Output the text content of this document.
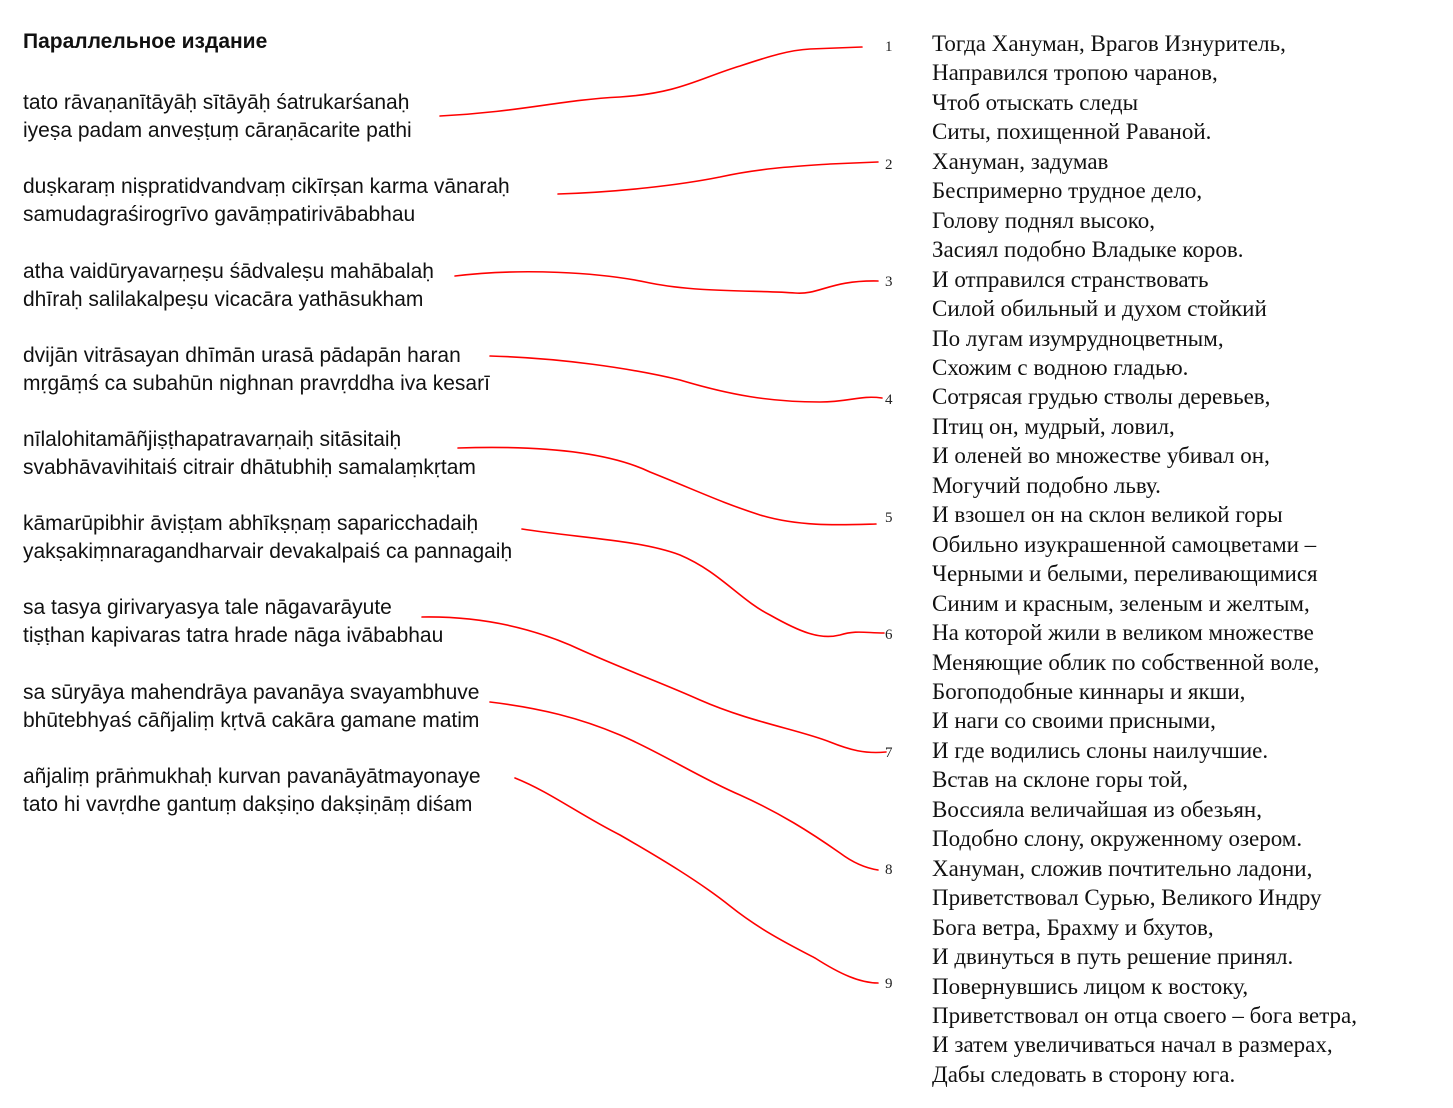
Параллельное издание
tato rāvaṇanītāyāḥ sītāyāḥ śatrukarśanaḥ
iyeṣa padam anveṣṭuṃ cāraṇācarite pathi
duṣkaraṃ niṣpratidvandvaṃ cikīrṣan karma vānaraḥ
samudagraśirogrīvo gavāṃpatirivābabhau
atha vaidūryavarṇeṣu śādvaleṣu mahābalaḥ
dhīraḥ salilakalpeṣu vicacāra yathāsukham
dvijān vitrāsayan dhīmān urasā pādapān haran
mṛgāṃś ca subahūn nighnan pravṛddha iva kesarī
nīlalohitamāñjiṣṭhapatravarṇaiḥ sitāsitaiḥ
svabhāvavihitaiś citrair dhātubhiḥ samalaṃkṛtam
kāmarūpibhir āviṣṭam abhīkṣṇaṃ saparicchadaiḥ
yakṣakiṃnaragandharvair devakalpaiś ca pannagaiḥ
sa tasya girivaryasya tale nāgavarāyute
tiṣṭhan kapivaras tatra hrade nāga ivābabhau
sa sūryāya mahendrāya pavanāya svayambhuve
bhūtebhyaś cāñjaliṃ kṛtvā cakāra gamane matim
añjaliṃ prāṅmukhaḥ kurvan pavanāyātmayonaye
tato hi vavṛdhe gantuṃ dakṣiṇo dakṣiṇāṃ diśam
1
2
3
4
5
6
7
8
9
Тогда Хануман, Врагов Изнуритель,
Направился тропою чаранов,
Чтоб отыскать следы
Ситы, похищенной Раваной.
Хануман, задумав
Беспримерно трудное дело,
Голову поднял высоко,
Засиял подобно Владыке коров.
И отправился странствовать
Силой обильный и духом стойкий
По лугам изумрудноцветным,
Схожим с водною гладью.
Сотрясая грудью стволы деревьев,
Птиц он, мудрый, ловил,
И оленей во множестве убивал он,
Могучий подобно льву.
И взошел он на склон великой горы
Обильно изукрашенной самоцветами –
Черными и белыми, переливающимися
Синим и красным, зеленым и желтым,
На которой жили в великом множестве
Меняющие облик по собственной воле,
Богоподобные киннары и якши,
И наги со своими присными,
И где водились слоны наилучшие.
Встав на склоне горы той,
Воссияла величайшая из обезьян,
Подобно слону, окруженному озером.
Хануман, сложив почтительно ладони,
Приветствовал Сурью, Великого Индру
Бога ветра, Брахму и бхутов,
И двинуться в путь решение принял.
Повернувшись лицом к востоку,
Приветствовал он отца своего – бога ветра,
И затем увеличиваться начал в размерах,
Дабы следовать в сторону юга.
